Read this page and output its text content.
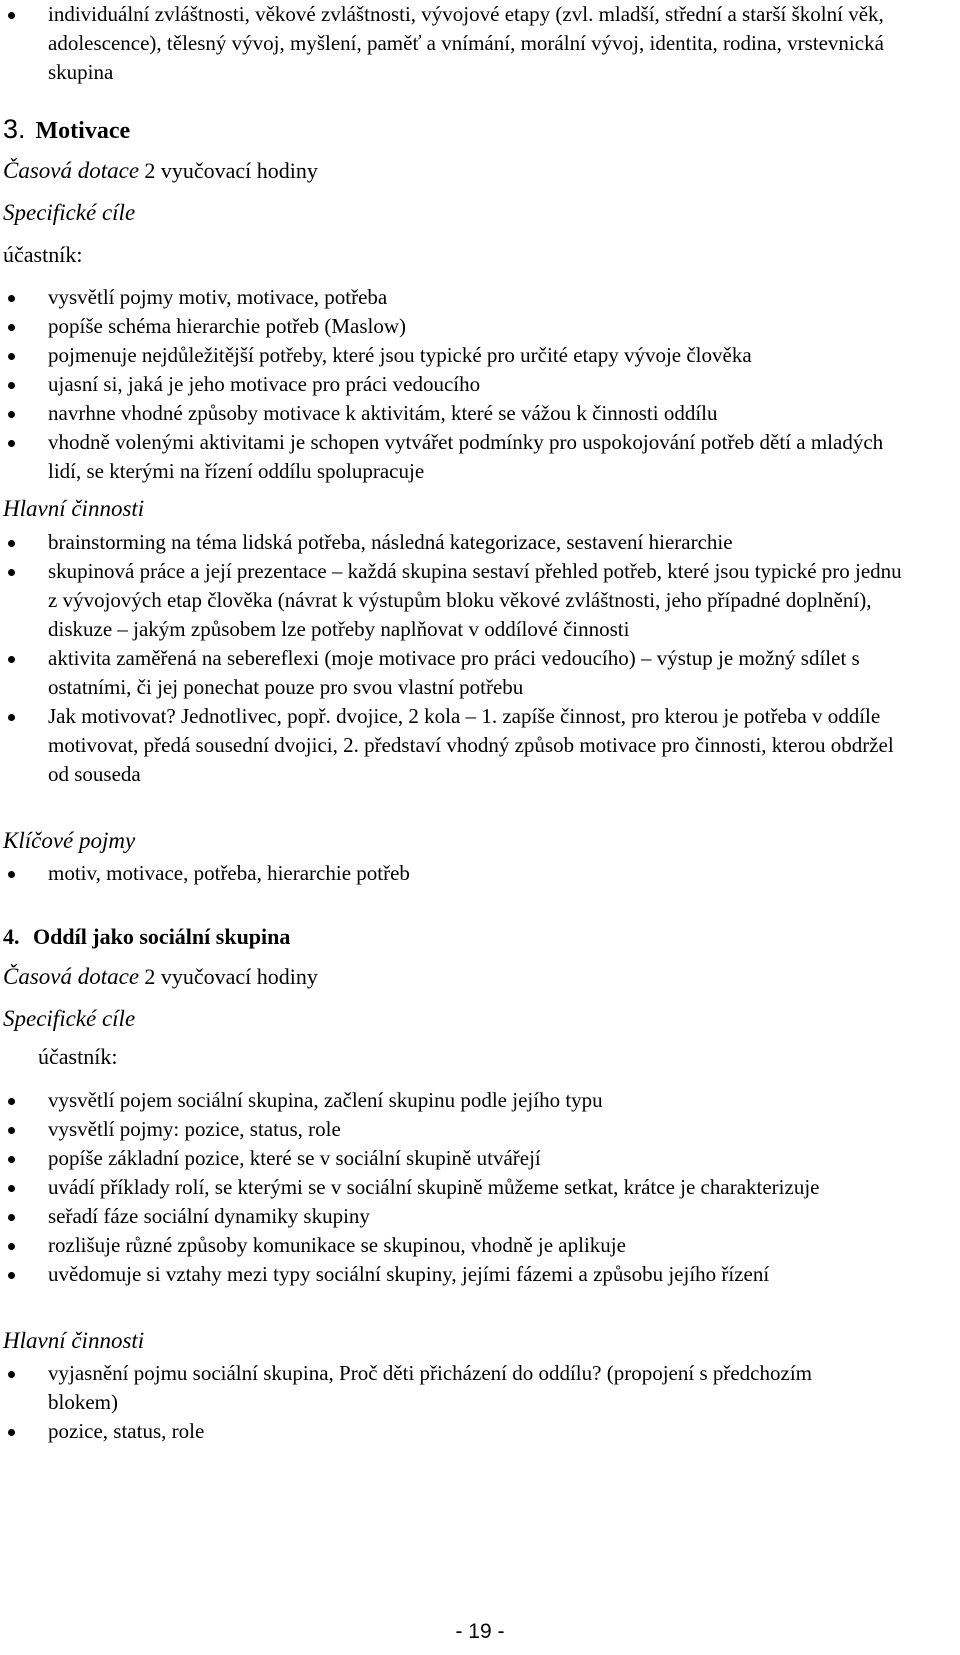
individuální zvláštnosti, věkové zvláštnosti, vývojové etapy (zvl. mladší, střední a starší školní věk, adolescence), tělesný vývoj, myšlení, paměť a vnímání, morální vývoj, identita, rodina, vrstevnická skupina

3. Motivace

Časová dotace 2 vyučovací hodiny

Specifické cíle

účastník:

vysvětlí pojmy motiv, motivace, potřeba
popíše schéma hierarchie potřeb (Maslow)
pojmenuje nejdůležitější potřeby, které jsou typické pro určité etapy vývoje člověka
ujasní si, jaká je jeho motivace pro práci vedoucího
navrhne vhodné způsoby motivace k aktivitám, které se vážou k činnosti oddílu
vhodně volenými aktivitami je schopen vytvářet podmínky pro uspokojování potřeb dětí a mladých lidí, se kterými na řízení oddílu spolupracuje

Hlavní činnosti

brainstorming na téma lidská potřeba, následná kategorizace, sestavení hierarchie
skupinová práce a její prezentace – každá skupina sestaví přehled potřeb, které jsou typické pro jednu z vývojových etap člověka (návrat k výstupům bloku věkové zvláštnosti, jeho případné doplnění), diskuze – jakým způsobem lze potřeby naplňovat v oddílové činnosti
aktivita zaměřená na sebereflexi (moje motivace pro práci vedoucího) – výstup je možný sdílet s ostatními, či jej ponechat pouze pro svou vlastní potřebu
Jak motivovat? Jednotlivec, popř. dvojice, 2 kola – 1. zapíše činnost, pro kterou je potřeba v oddíle motivovat, předá sousední dvojici, 2. představí vhodný způsob motivace pro činnosti, kterou obdržel od souseda

Klíčové pojmy

motiv, motivace, potřeba, hierarchie potřeb

4. Oddíl jako sociální skupina

Časová dotace 2 vyučovací hodiny

Specifické cíle

účastník:

vysvětlí pojem sociální skupina, začlení skupinu podle jejího typu
vysvětlí pojmy: pozice, status, role
popíše základní pozice, které se v sociální skupině utvářejí
uvádí příklady rolí, se kterými se v sociální skupině můžeme setkat, krátce je charakterizuje
seřadí fáze sociální dynamiky skupiny
rozlišuje různé způsoby komunikace se skupinou, vhodně je aplikuje
uvědomuje si vztahy mezi typy sociální skupiny, jejími fázemi a způsobu jejího řízení

Hlavní činnosti

vyjasnění pojmu sociální skupina, Proč děti přicházení do oddílu? (propojení s předchozím blokem)
pozice, status, role
- 19 -
